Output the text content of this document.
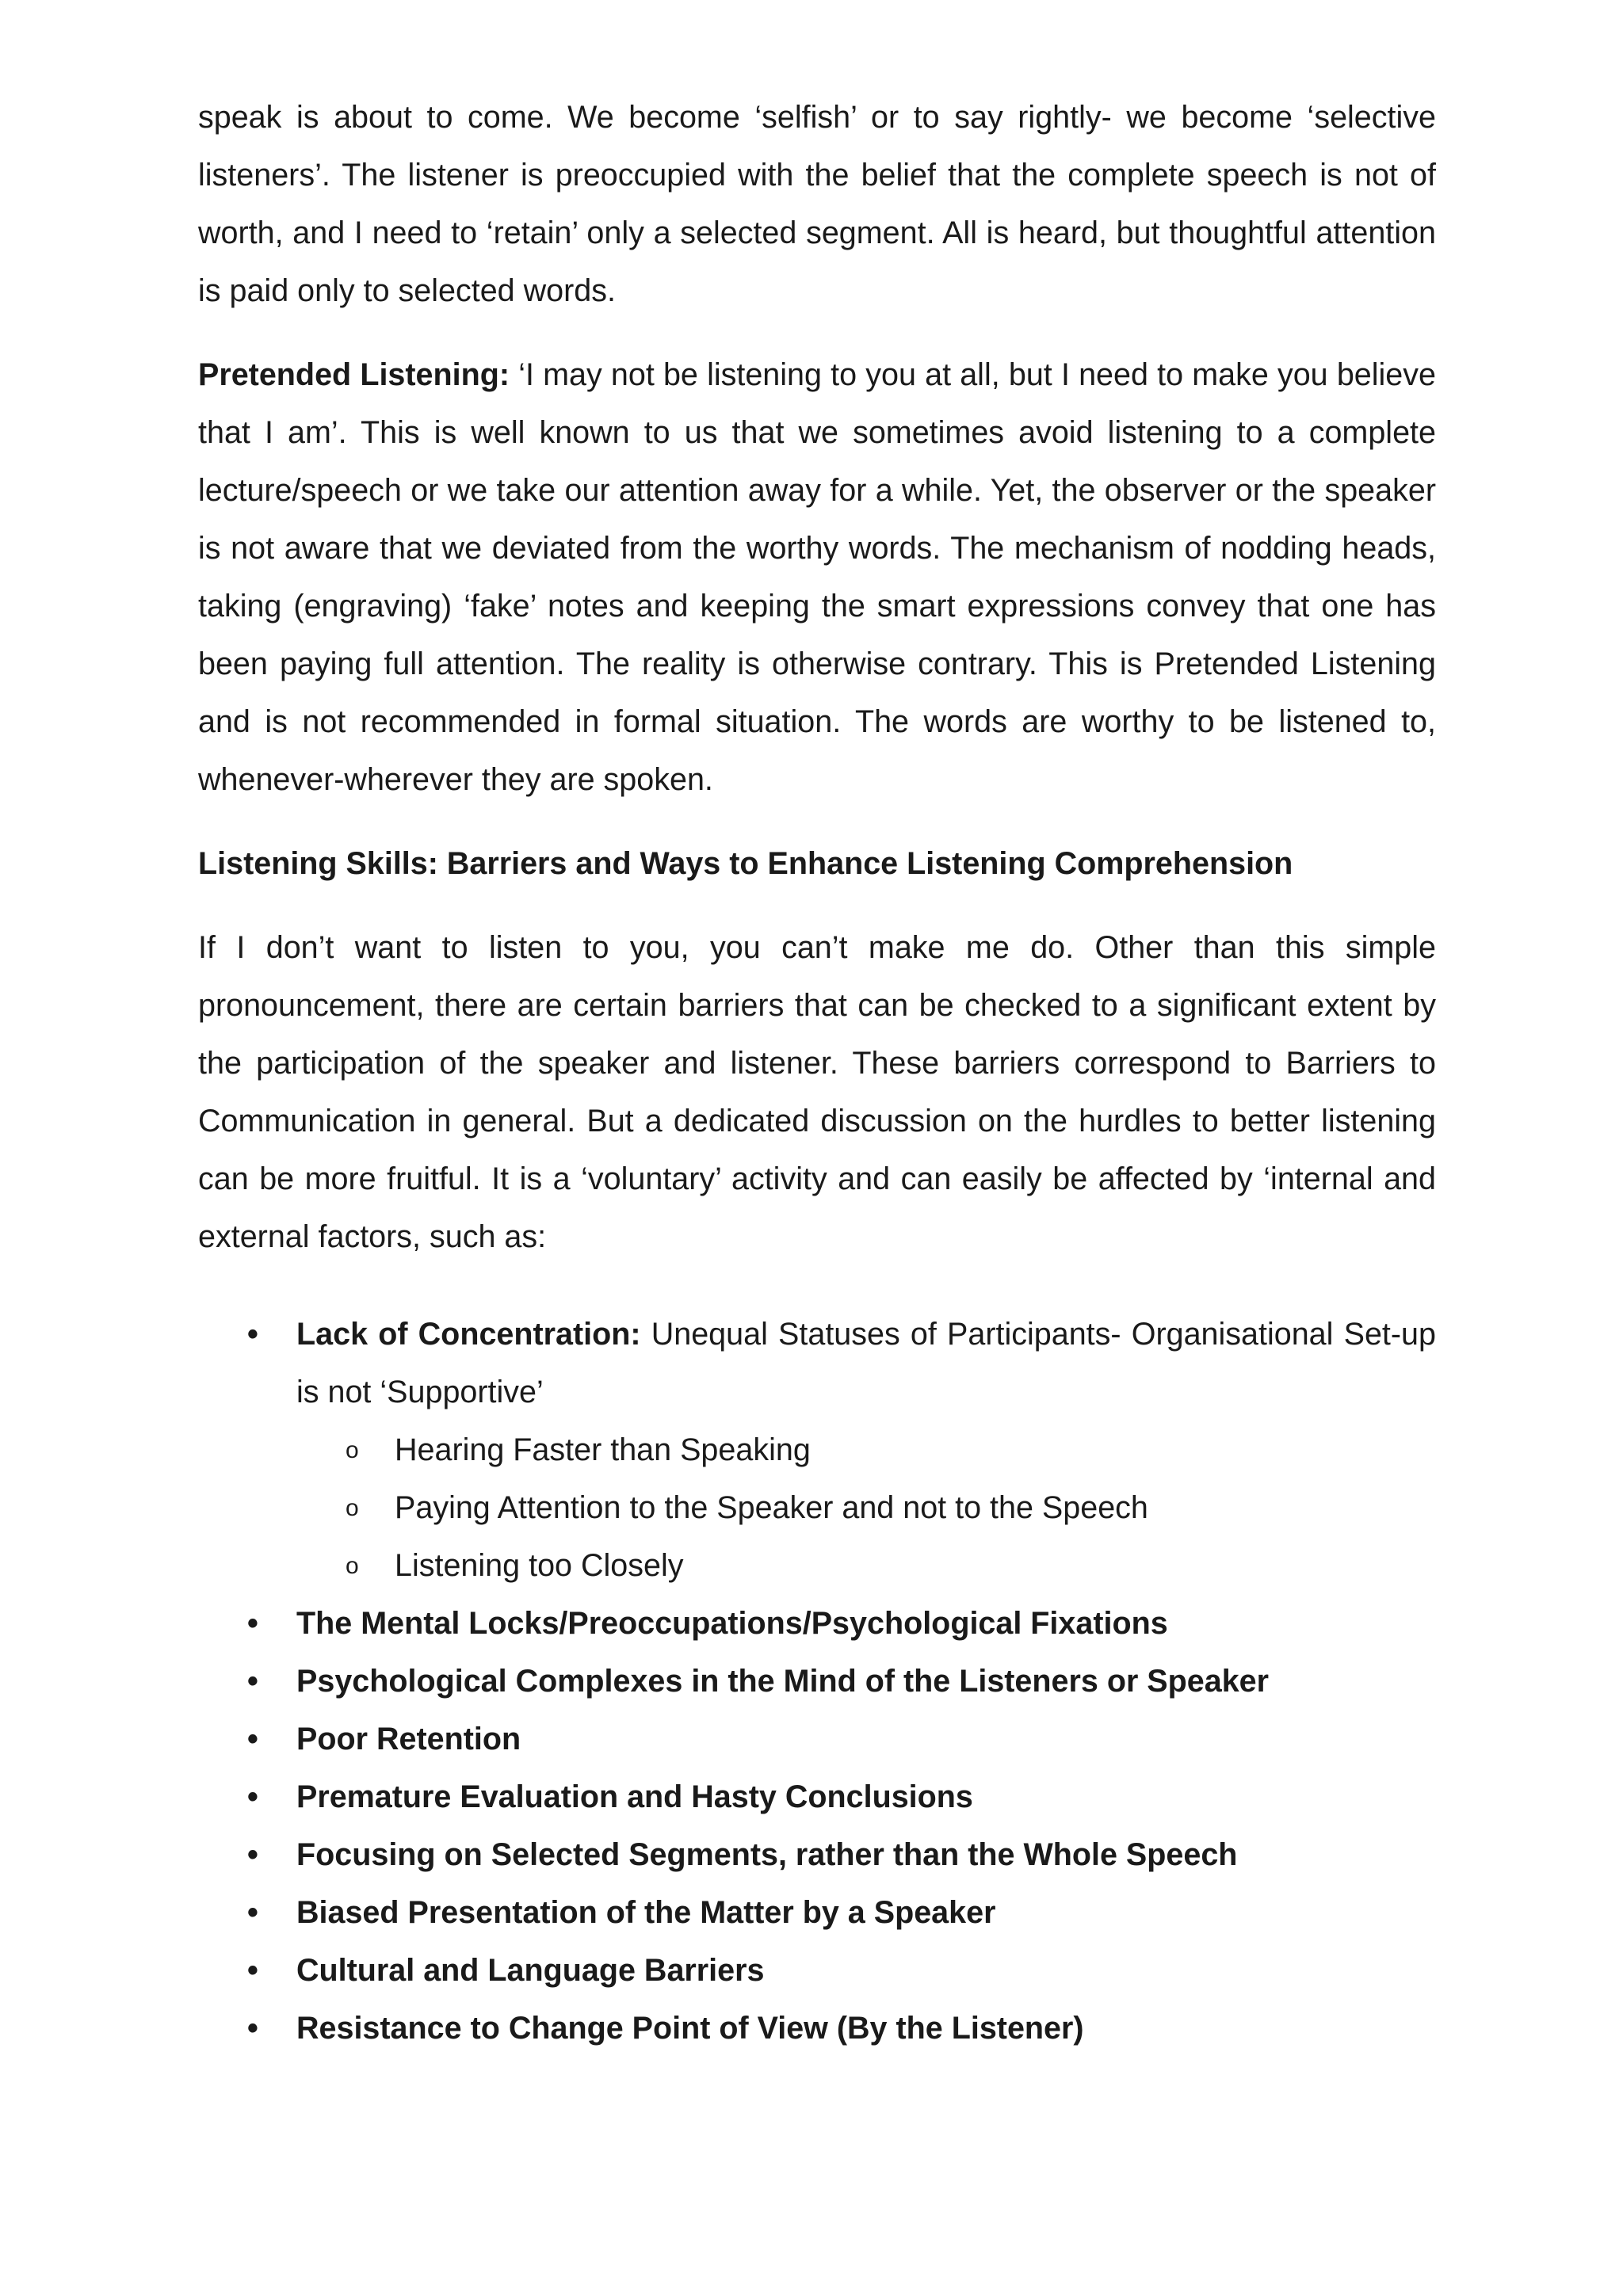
speak is about to come. We become ‘selfish’ or to say rightly- we become ‘selective listeners’. The listener is preoccupied with the belief that the complete speech is not of worth, and I need to ‘retain’ only a selected segment. All is heard, but thoughtful attention is paid only to selected words.

Pretended Listening: ‘I may not be listening to you at all, but I need to make you believe that I am’. This is well known to us that we sometimes avoid listening to a complete lecture/speech or we take our attention away for a while. Yet, the observer or the speaker is not aware that we deviated from the worthy words. The mechanism of nodding heads, taking (engraving) ‘fake’ notes and keeping the smart expressions convey that one has been paying full attention. The reality is otherwise contrary. This is Pretended Listening and is not recommended in formal situation. The words are worthy to be listened to, whenever-wherever they are spoken.

Listening Skills: Barriers and Ways to Enhance Listening Comprehension

If I don’t want to listen to you, you can’t make me do. Other than this simple pronouncement, there are certain barriers that can be checked to a significant extent by the participation of the speaker and listener. These barriers correspond to Barriers to Communication in general. But a dedicated discussion on the hurdles to better listening can be more fruitful. It is a ‘voluntary’ activity and can easily be affected by ‘internal and external factors, such as:

• Lack of Concentration: Unequal Statuses of Participants- Organisational Set-up is not ‘Supportive’
o Hearing Faster than Speaking
o Paying Attention to the Speaker and not to the Speech
o Listening too Closely
• The Mental Locks/Preoccupations/Psychological Fixations
• Psychological Complexes in the Mind of the Listeners or Speaker
• Poor Retention
• Premature Evaluation and Hasty Conclusions
• Focusing on Selected Segments, rather than the Whole Speech
• Biased Presentation of the Matter by a Speaker
• Cultural and Language Barriers
• Resistance to Change Point of View (By the Listener)
